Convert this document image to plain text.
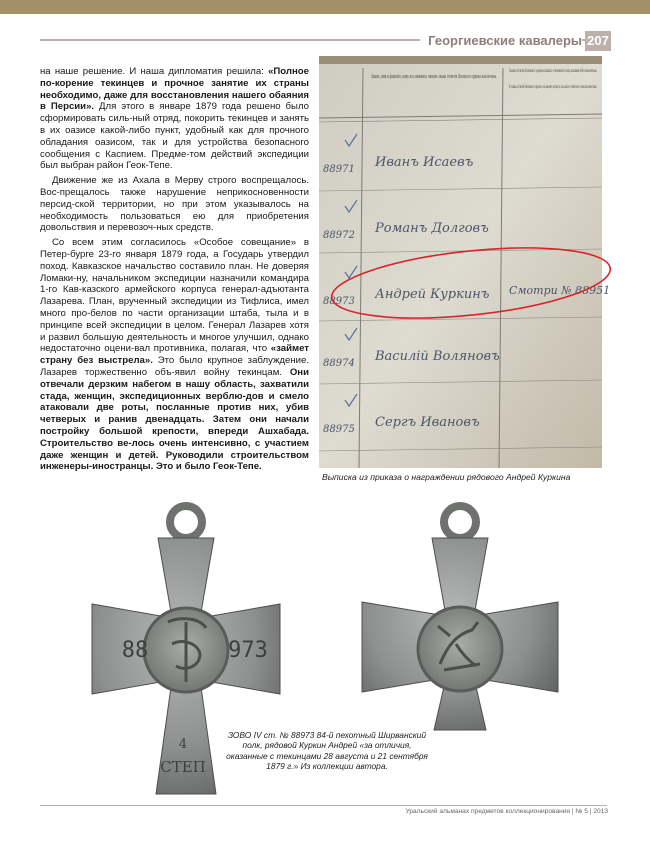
Георгиевские кавалеры 207

на наше решение. И наша дипломатия решила: «Полное по-корение текинцев и прочное занятие их страны необходимо, даже для восстановления нашего обаяния в Персии». Для этого в январе 1879 года решено было сформировать силь-ный отряд, покорить текинцев и занять в их оазисе какой-либо пункт, удобный как для прочного обладания оазисом, так и для устройства безопасного сообщения с Каспием. Предме-том действий экспедиции был выбран район Геок-Тепе.

Движение же из Ахала в Мерву строго воспрещалось. Вос-прещалось также нарушение неприкосновенности персид-ской территории, но при этом указывалось на необходимость пользоваться ею для приобретения довольствия и перевозоч-ных средств.

Со всем этим согласилось «Особое совещание» в Петер-бурге 23-го января 1879 года, а Государь утвердил поход. Кавказское начальство составило план. Не доверяя Ломаки-ну, начальником экспедиции назначили командира 1-го Кав-казского армейского корпуса генерал-адъютанта Лазарева. План, врученный экспедиции из Тифлиса, имел много про-белов по части организации штаба, тыла и в принципе всей экспедиции в целом. Генерал Лазарев хотя и развил большую деятельность и многое улучшил, однако недостаточно оцени-вал противника, полагая, что «займет страну без выстрела». Это было крупное заблуждение. Лазарев торжественно объ-явил войну текинцам. Они отвечали дерзким набегом в нашу область, захватили стада, женщин, экспедиционных верблю-дов и смело атаковали две роты, посланные против них, убив четверых и ранив двенадцать. Затем они начали постройку большой крепости, впереди Ашхабада. Строительство ве-лось очень интенсивно, с участием даже женщин и детей. Руководили строительством инженеры-иностранцы. Это и было Геок-Тепе.

Знаки отличія Военнаго ордена какихъ степеней и подъ какими №№ назначены.
№ знака отличія Военнаго ордена, въ какомъ полку и за какое отличіе въ списках внесены.
88971 Иванъ Исаевъ
88972 Романъ Долговъ
88973 Андрей Куркинъ Смотри № 88951
88974 Василій Воляновъ
88975 Сергъ Ивановъ
Выписка из приказа о награждении рядового Андрей Куркина
88	973
4
СТЕП
ЗОВО IV ст. № 88973 84-й пехотный Ширванский полк, рядовой Куркин Андрей «за отличия, оказанные с текинцами 28 августа и 21 сентября 1879 г.» Из коллекции автора.
Уральский альманах предметов коллекционирования | № 5 | 2013
